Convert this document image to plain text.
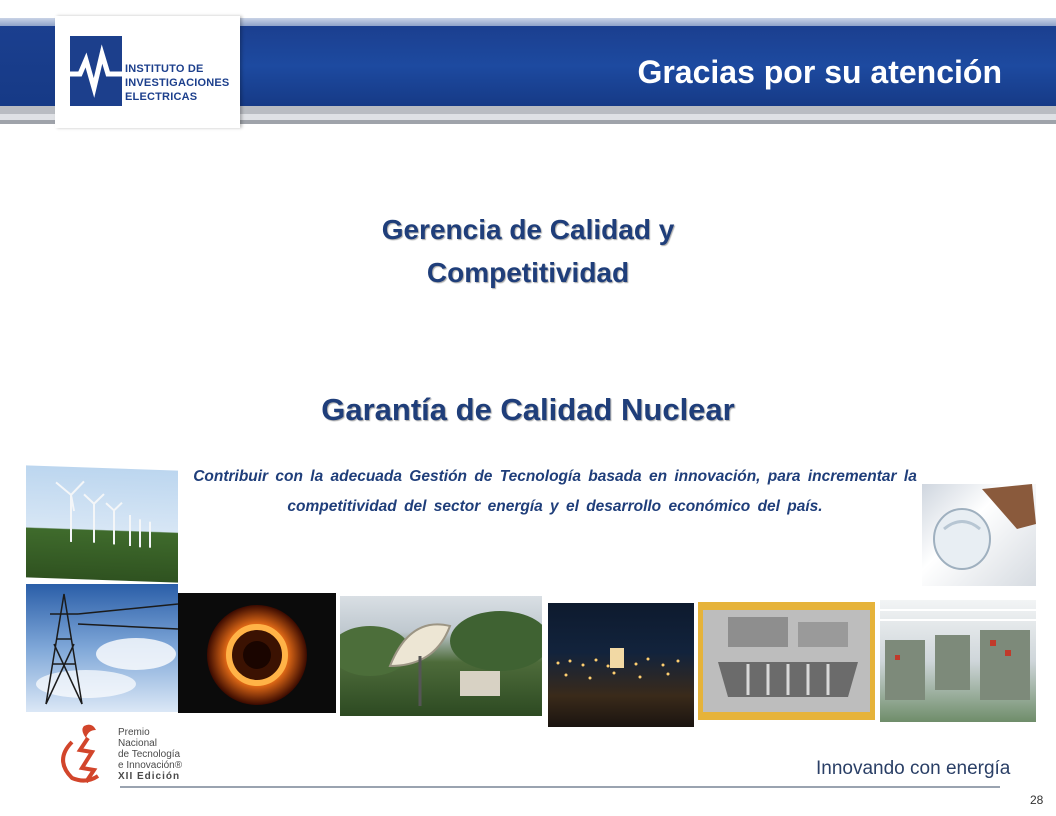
INSTITUTO DE
INVESTIGACIONES
ELECTRICAS
Gracias por su atención
Gerencia de Calidad y
Competitividad
Garantía de Calidad Nuclear
Contribuir con la adecuada Gestión de Tecnología basada en innovación, para incrementar la competitividad del sector energía y el desarrollo económico del país.
Premio
Nacional
de Tecnología
e Innovación®
XII Edición	Innovando con energía
28
